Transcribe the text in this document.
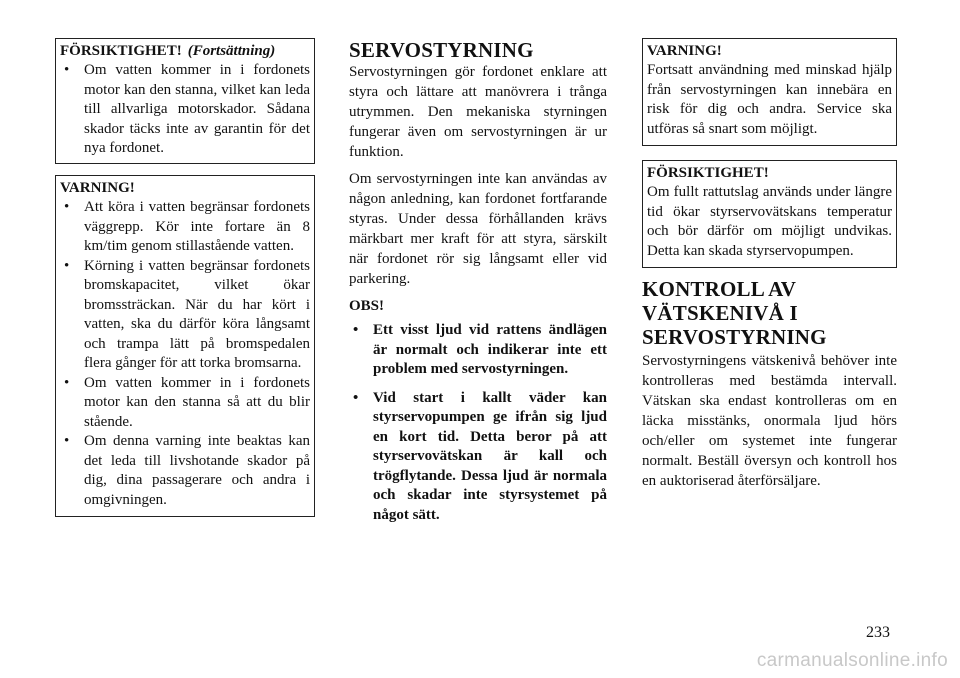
FÖRSIKTIGHET! (Fortsättning)
• Om vatten kommer in i fordonets motor kan den stanna, vilket kan leda till allvarliga motorskador. Sådana skador täcks inte av garantin för det nya fordonet.
VARNING!
• Att köra i vatten begränsar fordonets väggrepp. Kör inte fortare än 8 km/tim genom stillastående vatten.
• Körning i vatten begränsar fordonets bromskapacitet, vilket ökar bromssträckan. När du har kört i vatten, ska du därför köra långsamt och trampa lätt på bromspedalen flera gånger för att torka bromsarna.
• Om vatten kommer in i fordonets motor kan den stanna så att du blir stående.
• Om denna varning inte beaktas kan det leda till livshotande skador på dig, dina passagerare och andra i omgivningen.
SERVOSTYRNING

Servostyrningen gör fordonet enklare att styra och lättare att manövrera i trånga utrymmen. Den mekaniska styrningen fungerar även om servostyrningen är ur funktion.

Om servostyrningen inte kan användas av någon anledning, kan fordonet fortfarande styras. Under dessa förhållanden krävs märkbart mer kraft för att styra, särskilt när fordonet rör sig långsamt eller vid parkering.

OBS!
• Ett visst ljud vid rattens ändlägen är normalt och indikerar inte ett problem med servostyrningen.
• Vid start i kallt väder kan styrservopumpen ge ifrån sig ljud en kort tid. Detta beror på att styrservovätskan är kall och trögflytande. Dessa ljud är normala och skadar inte styrsystemet på något sätt.
VARNING!
Fortsatt användning med minskad hjälp från servostyrningen kan innebära en risk för dig och andra. Service ska utföras så snart som möjligt.
FÖRSIKTIGHET!
Om fullt rattutslag används under längre tid ökar styrservovätskans temperatur och bör därför om möjligt undvikas. Detta kan skada styrservopumpen.
KONTROLL AV VÄTSKENIVÅ I SERVOSTYRNING

Servostyrningens vätskenivå behöver inte kontrolleras med bestämda intervall. Vätskan ska endast kontrolleras om en läcka misstänks, onormala ljud hörs och/eller om systemet inte fungerar normalt. Beställ översyn och kontroll hos en auktoriserad återförsäljare.

233
carmanualsonline.info
